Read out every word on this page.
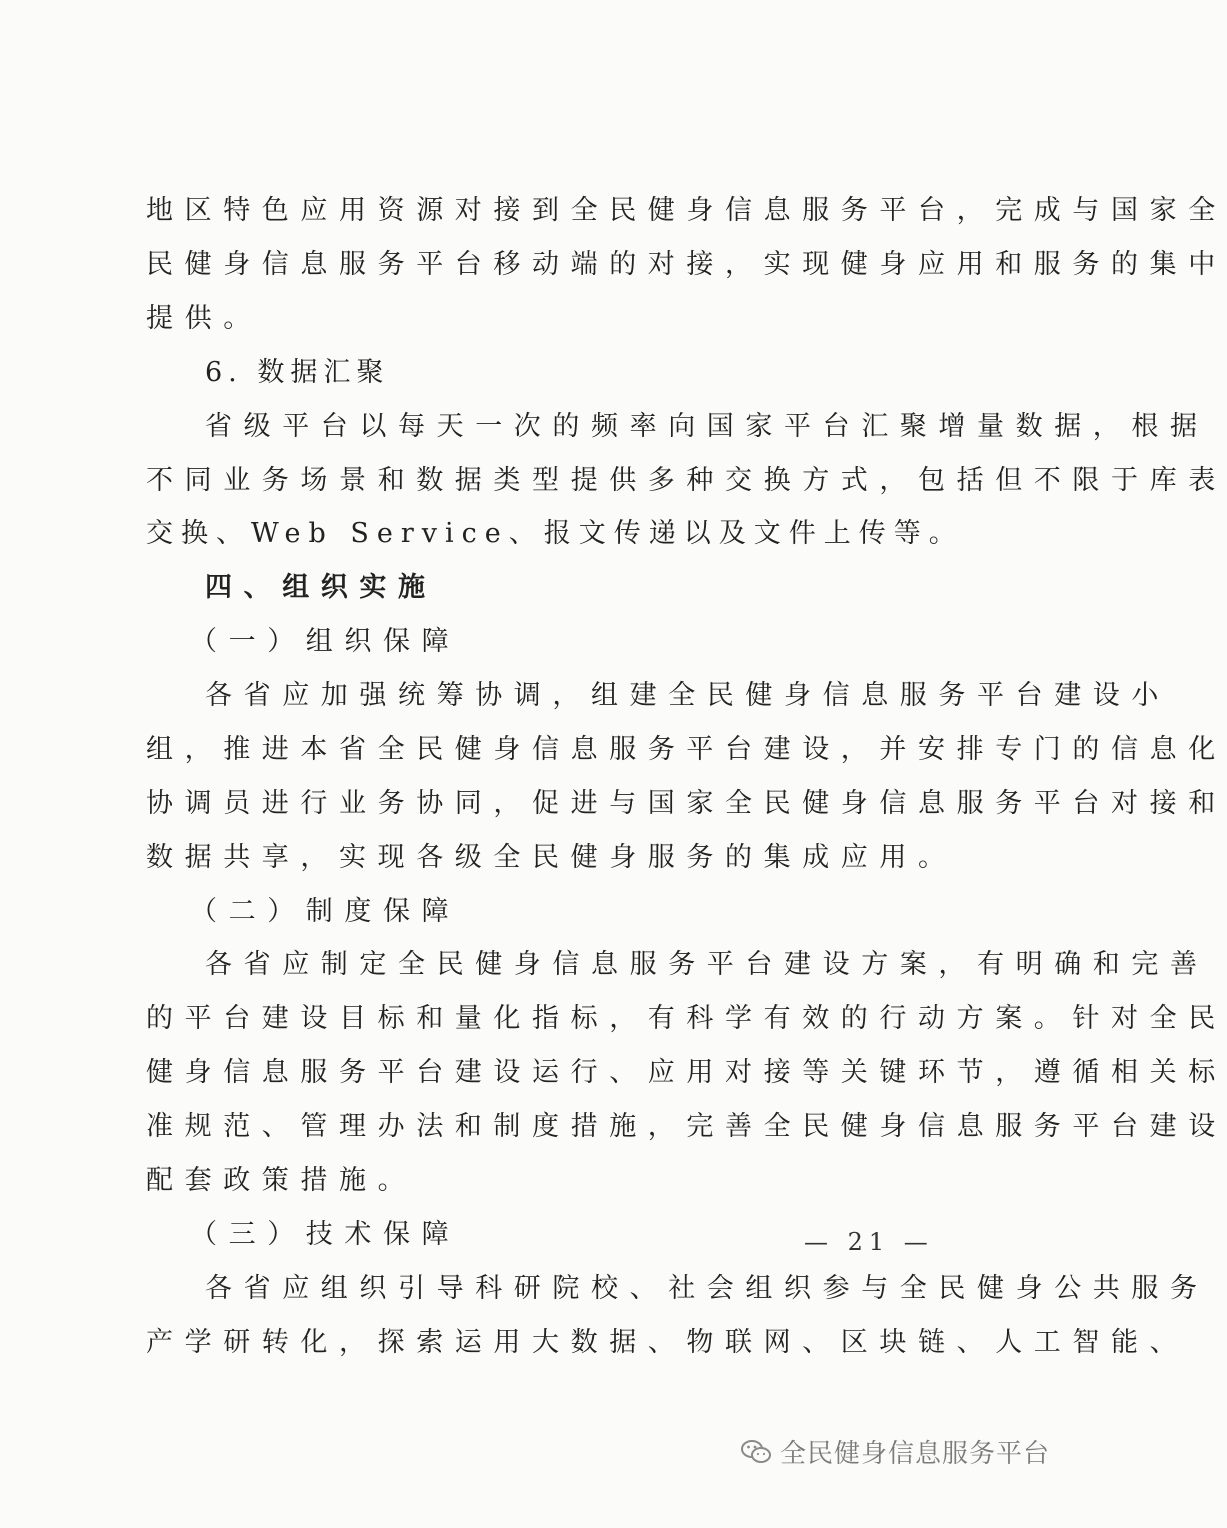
地区特色应用资源对接到全民健身信息服务平台，完成与国家全
民健身信息服务平台移动端的对接，实现健身应用和服务的集中
提供。
6. 数据汇聚
省级平台以每天一次的频率向国家平台汇聚增量数据，根据
不同业务场景和数据类型提供多种交换方式，包括但不限于库表
交换、Web Service、报文传递以及文件上传等。
四、组织实施
（一）组织保障
各省应加强统筹协调，组建全民健身信息服务平台建设小
组，推进本省全民健身信息服务平台建设，并安排专门的信息化
协调员进行业务协同，促进与国家全民健身信息服务平台对接和
数据共享，实现各级全民健身服务的集成应用。
（二）制度保障
各省应制定全民健身信息服务平台建设方案，有明确和完善
的平台建设目标和量化指标，有科学有效的行动方案。针对全民
健身信息服务平台建设运行、应用对接等关键环节，遵循相关标
准规范、管理办法和制度措施，完善全民健身信息服务平台建设
配套政策措施。
（三）技术保障
各省应组织引导科研院校、社会组织参与全民健身公共服务
产学研转化，探索运用大数据、物联网、区块链、人工智能、
— 21 —
全民健身信息服务平台
